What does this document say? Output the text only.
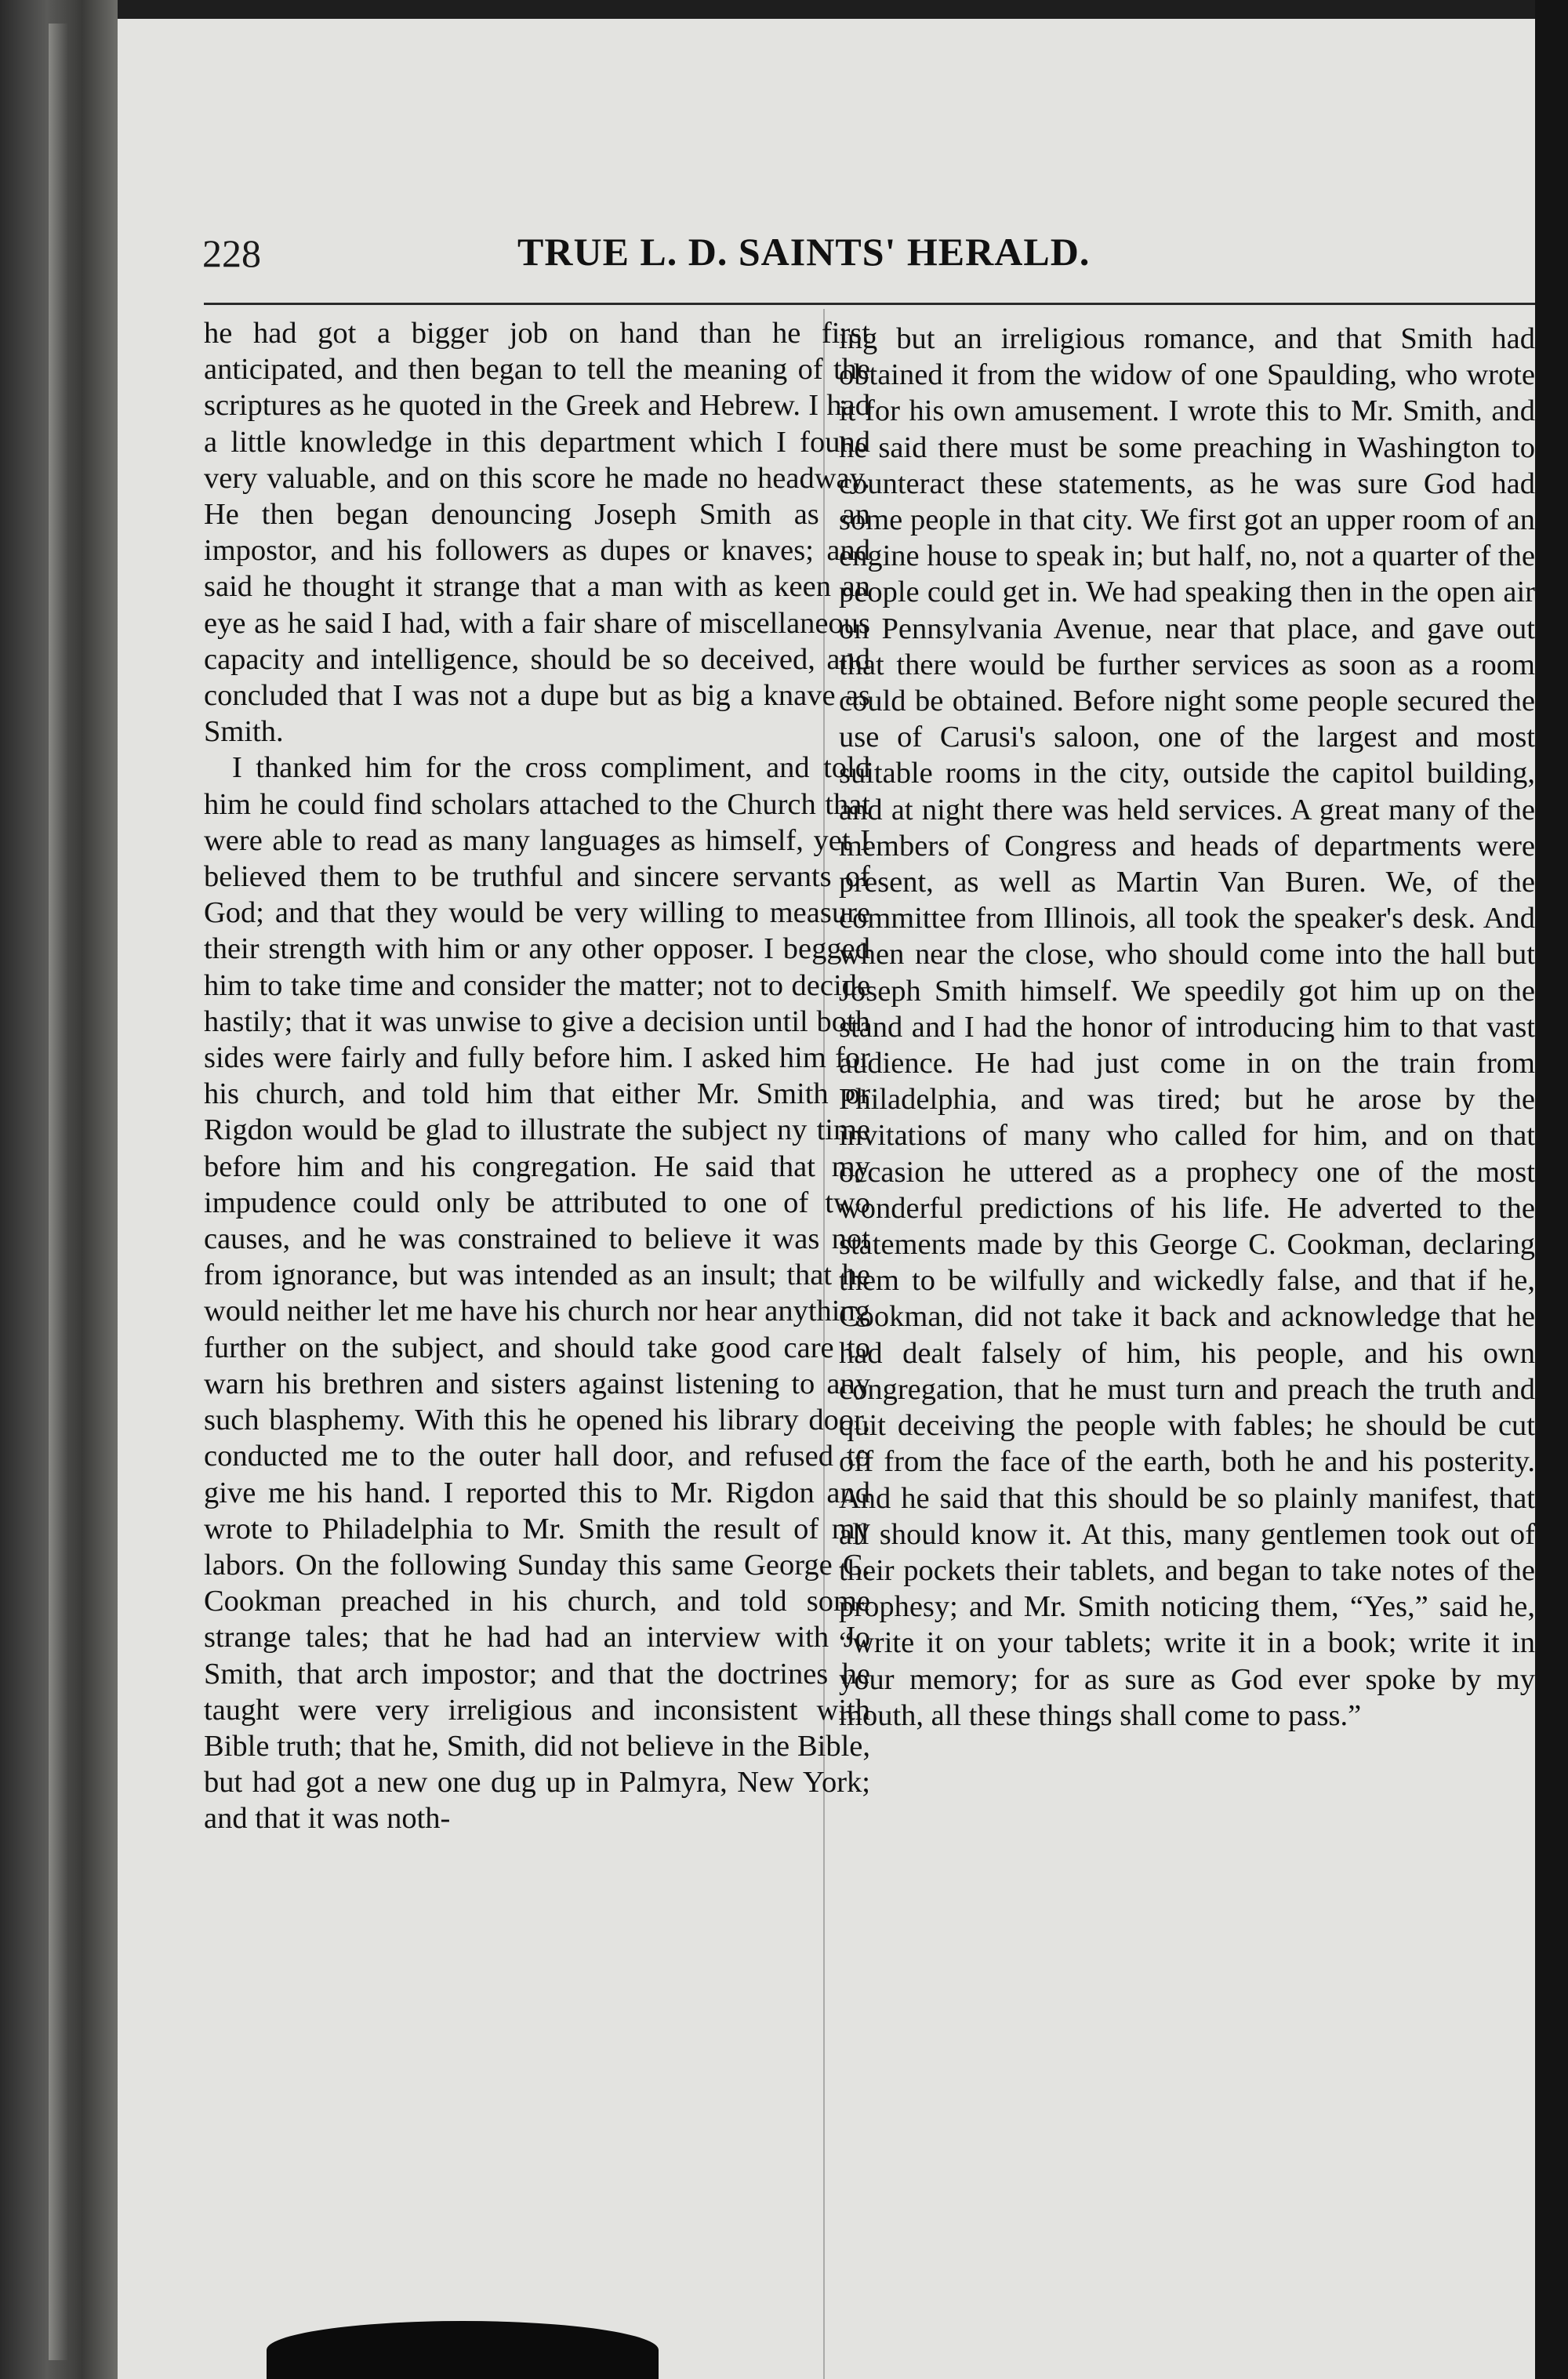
228	TRUE L. D. SAINTS' HERALD.

he had got a bigger job on hand than he first anticipated, and then began to tell the meaning of the scriptures as he quoted in the Greek and Hebrew. I had a little knowledge in this department which I found very valuable, and on this score he made no headway. He then began denouncing Joseph Smith as an impostor, and his followers as dupes or knaves; and said he thought it strange that a man with as keen an eye as he said I had, with a fair share of miscellaneous capacity and intelligence, should be so deceived, and concluded that I was not a dupe but as big a knave as Smith.

I thanked him for the cross compliment, and told him he could find scholars attached to the Church that were able to read as many languages as himself, yet I believed them to be truthful and sincere servants of God; and that they would be very willing to measure their strength with him or any other opposer. I begged him to take time and consider the matter; not to decide hastily; that it was unwise to give a decision until both sides were fairly and fully before him. I asked him for his church, and told him that either Mr. Smith or Rigdon would be glad to illustrate the subject ny time before him and his congregation. He said that my impudence could only be attributed to one of two causes, and he was constrained to believe it was not from ignorance, but was intended as an insult; that he would neither let me have his church nor hear anything further on the subject, and should take good care to warn his brethren and sisters against listening to any such blasphemy. With this he opened his library door, conducted me to the outer hall door, and refused to give me his hand. I reported this to Mr. Rigdon and wrote to Philadelphia to Mr. Smith the result of my labors. On the following Sunday this same George C. Cookman preached in his church, and told some strange tales; that he had had an interview with Jo Smith, that arch impostor; and that the doctrines he taught were very irreligious and inconsistent with Bible truth; that he, Smith, did not believe in the Bible, but had got a new one dug up in Palmyra, New York; and that it was noth-

ing but an irreligious romance, and that Smith had obtained it from the widow of one Spaulding, who wrote it for his own amusement. I wrote this to Mr. Smith, and he said there must be some preaching in Washington to counteract these statements, as he was sure God had some people in that city. We first got an upper room of an engine house to speak in; but half, no, not a quarter of the people could get in. We had speaking then in the open air on Pennsylvania Avenue, near that place, and gave out that there would be further services as soon as a room could be obtained. Before night some people secured the use of Carusi's saloon, one of the largest and most suitable rooms in the city, outside the capitol building, and at night there was held services. A great many of the members of Congress and heads of departments were present, as well as Martin Van Buren. We, of the committee from Illinois, all took the speaker's desk. And when near the close, who should come into the hall but Joseph Smith himself. We speedily got him up on the stand and I had the honor of introducing him to that vast audience. He had just come in on the train from Philadelphia, and was tired; but he arose by the invitations of many who called for him, and on that occasion he uttered as a prophecy one of the most wonderful predictions of his life. He adverted to the statements made by this George C. Cookman, declaring them to be wilfully and wickedly false, and that if he, Cookman, did not take it back and acknowledge that he had dealt falsely of him, his people, and his own congregation, that he must turn and preach the truth and quit deceiving the people with fables; he should be cut off from the face of the earth, both he and his posterity. And he said that this should be so plainly manifest, that all should know it. At this, many gentlemen took out of their pockets their tablets, and began to take notes of the prophesy; and Mr. Smith noticing them, “Yes,” said he, “write it on your tablets; write it in a book; write it in your memory; for as sure as God ever spoke by my mouth, all these things shall come to pass.”
